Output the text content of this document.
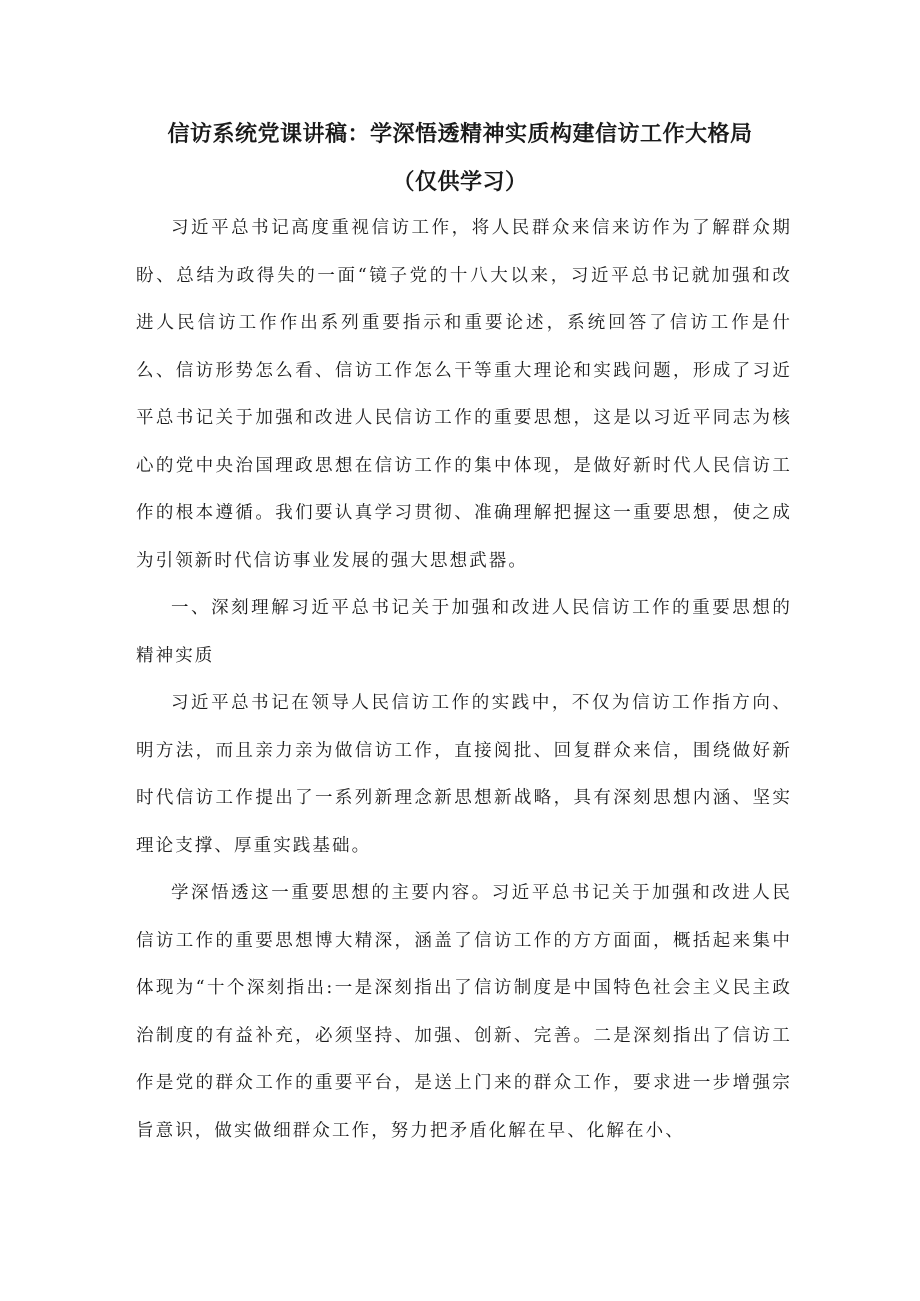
信访系统党课讲稿：学深悟透精神实质构建信访工作大格局
（仅供学习）

习近平总书记高度重视信访工作，将人民群众来信来访作为了解群众期盼、总结为政得失的一面“镜子党的十八大以来，习近平总书记就加强和改进人民信访工作作出系列重要指示和重要论述，系统回答了信访工作是什么、信访形势怎么看、信访工作怎么干等重大理论和实践问题，形成了习近平总书记关于加强和改进人民信访工作的重要思想，这是以习近平同志为核心的党中央治国理政思想在信访工作的集中体现，是做好新时代人民信访工作的根本遵循。我们要认真学习贯彻、准确理解把握这一重要思想，使之成为引领新时代信访事业发展的强大思想武器。

一、深刻理解习近平总书记关于加强和改进人民信访工作的重要思想的精神实质

习近平总书记在领导人民信访工作的实践中，不仅为信访工作指方向、明方法，而且亲力亲为做信访工作，直接阅批、回复群众来信，围绕做好新时代信访工作提出了一系列新理念新思想新战略，具有深刻思想内涵、坚实理论支撑、厚重实践基础。

学深悟透这一重要思想的主要内容。习近平总书记关于加强和改进人民信访工作的重要思想博大精深，涵盖了信访工作的方方面面，概括起来集中体现为“十个深刻指出:一是深刻指出了信访制度是中国特色社会主义民主政治制度的有益补充，必须坚持、加强、创新、完善。二是深刻指出了信访工作是党的群众工作的重要平台，是送上门来的群众工作，要求进一步增强宗旨意识，做实做细群众工作，努力把矛盾化解在早、化解在小、
